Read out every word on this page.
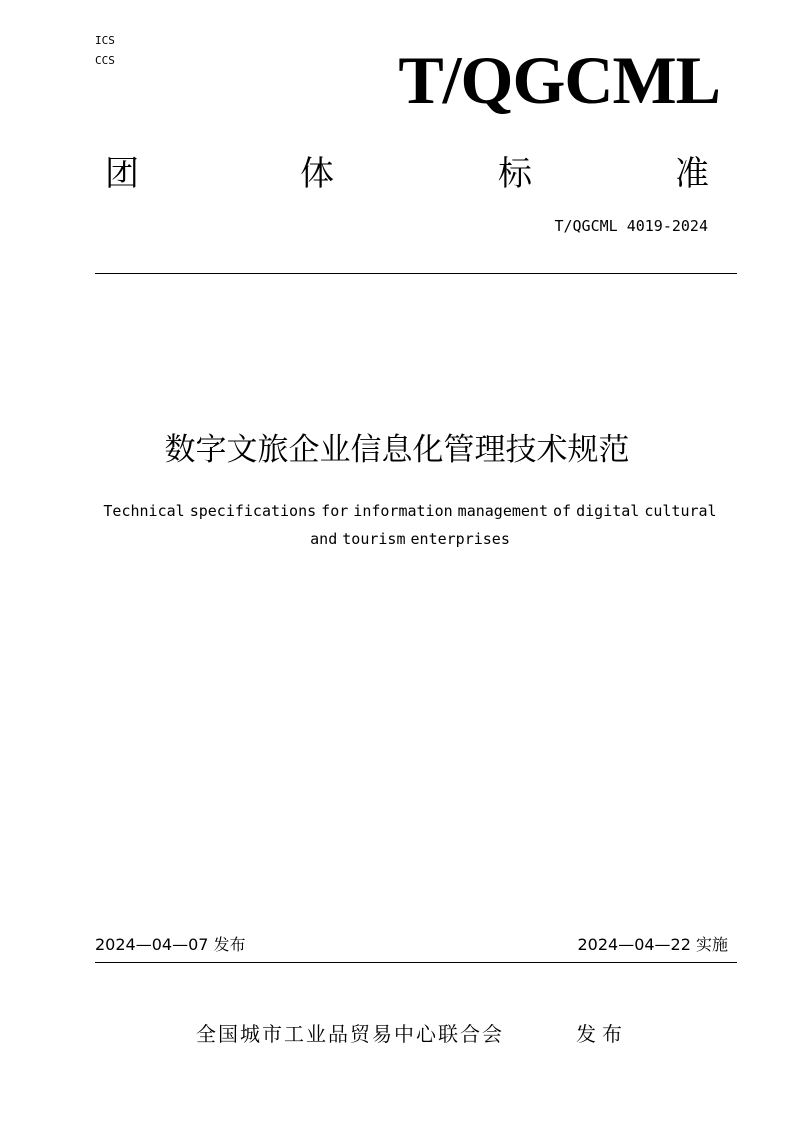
ICS
CCS	T/QGCML
团	体	标	准
T/QGCML 4019-2024
数字文旅企业信息化管理技术规范
Technical specifications for information management of digital cultural
and tourism enterprises
2024—04—07 发布	2024—04—22 实施
全国城市工业品贸易中心联合会	发布
